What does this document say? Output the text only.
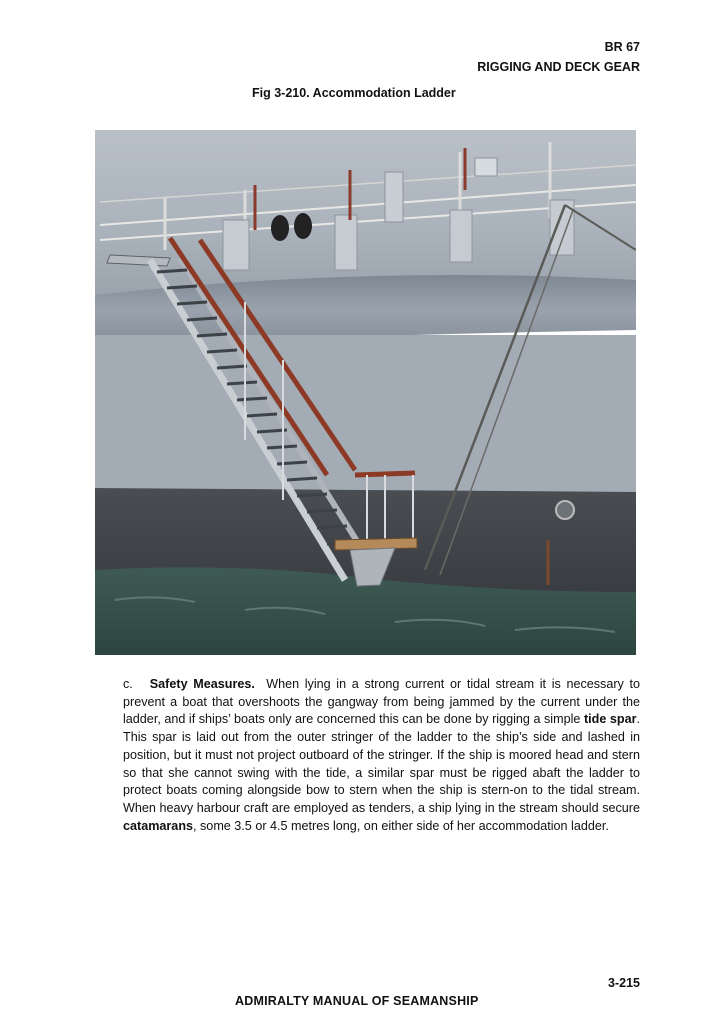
BR 67
RIGGING AND DECK GEAR
Fig 3-210. Accommodation Ladder
c. Safety Measures. When lying in a strong current or tidal stream it is necessary to prevent a boat that overshoots the gangway from being jammed by the current under the ladder, and if ships’ boats only are concerned this can be done by rigging a simple tide spar. This spar is laid out from the outer stringer of the ladder to the ship’s side and lashed in position, but it must not project outboard of the stringer. If the ship is moored head and stern so that she cannot swing with the tide, a similar spar must be rigged abaft the ladder to protect boats coming alongside bow to stern when the ship is stern-on to the tidal stream. When heavy harbour craft are employed as tenders, a ship lying in the stream should secure catamarans, some 3.5 or 4.5 metres long, on either side of her accommodation ladder.
3-215
ADMIRALTY MANUAL OF SEAMANSHIP
